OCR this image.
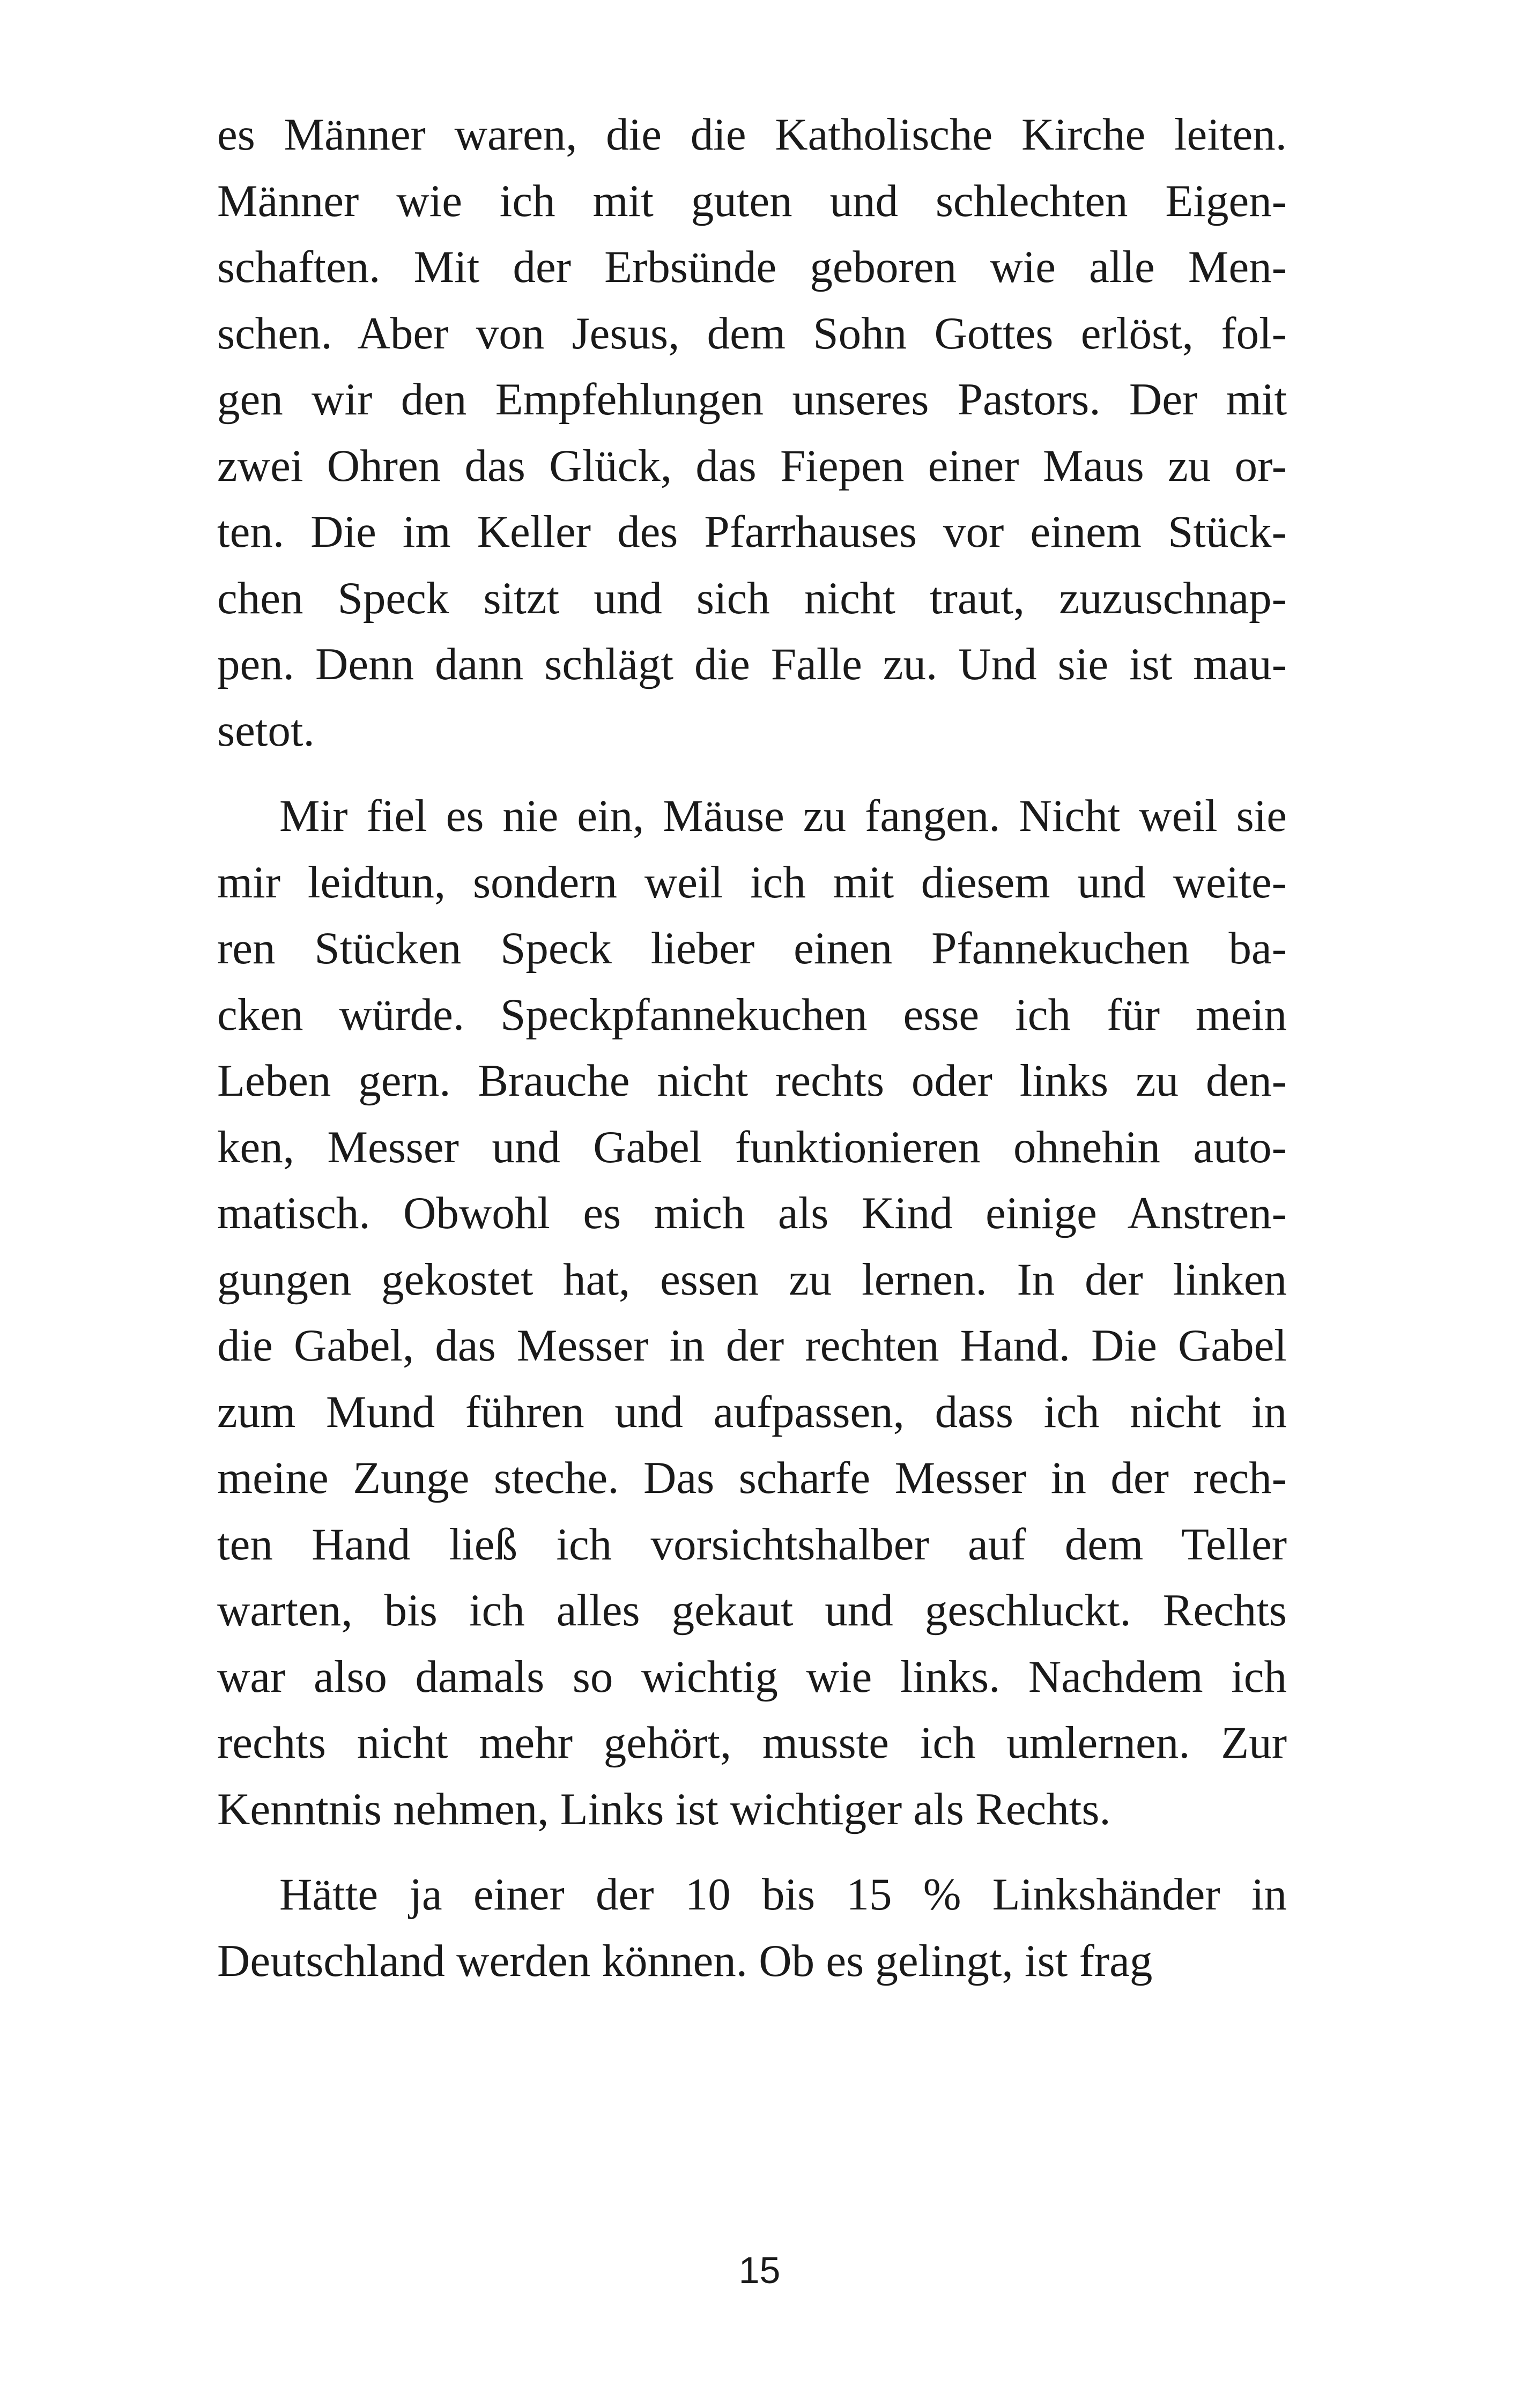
es Männer waren, die die Katholische Kirche leiten.
Männer wie ich mit guten und schlechten Eigen-
schaften. Mit der Erbsünde geboren wie alle Men-
schen. Aber von Jesus, dem Sohn Gottes erlöst, fol-
gen wir den Empfehlungen unseres Pastors. Der mit
zwei Ohren das Glück, das Fiepen einer Maus zu or-
ten. Die im Keller des Pfarrhauses vor einem Stück-
chen Speck sitzt und sich nicht traut, zuzuschnap-
pen. Denn dann schlägt die Falle zu. Und sie ist mau-
setot.
Mir fiel es nie ein, Mäuse zu fangen. Nicht weil sie
mir leidtun, sondern weil ich mit diesem und weite-
ren Stücken Speck lieber einen Pfannekuchen ba-
cken würde. Speckpfannekuchen esse ich für mein
Leben gern. Brauche nicht rechts oder links zu den-
ken, Messer und Gabel funktionieren ohnehin auto-
matisch. Obwohl es mich als Kind einige Anstren-
gungen gekostet hat, essen zu lernen. In der linken
die Gabel, das Messer in der rechten Hand. Die Gabel
zum Mund führen und aufpassen, dass ich nicht in
meine Zunge steche. Das scharfe Messer in der rech-
ten Hand ließ ich vorsichtshalber auf dem Teller
warten, bis ich alles gekaut und geschluckt. Rechts
war also damals so wichtig wie links. Nachdem ich
rechts nicht mehr gehört, musste ich umlernen. Zur
Kenntnis nehmen, Links ist wichtiger als Rechts.
Hätte ja einer der 10 bis 15 % Linkshänder in
Deutschland werden können. Ob es gelingt, ist frag
15
